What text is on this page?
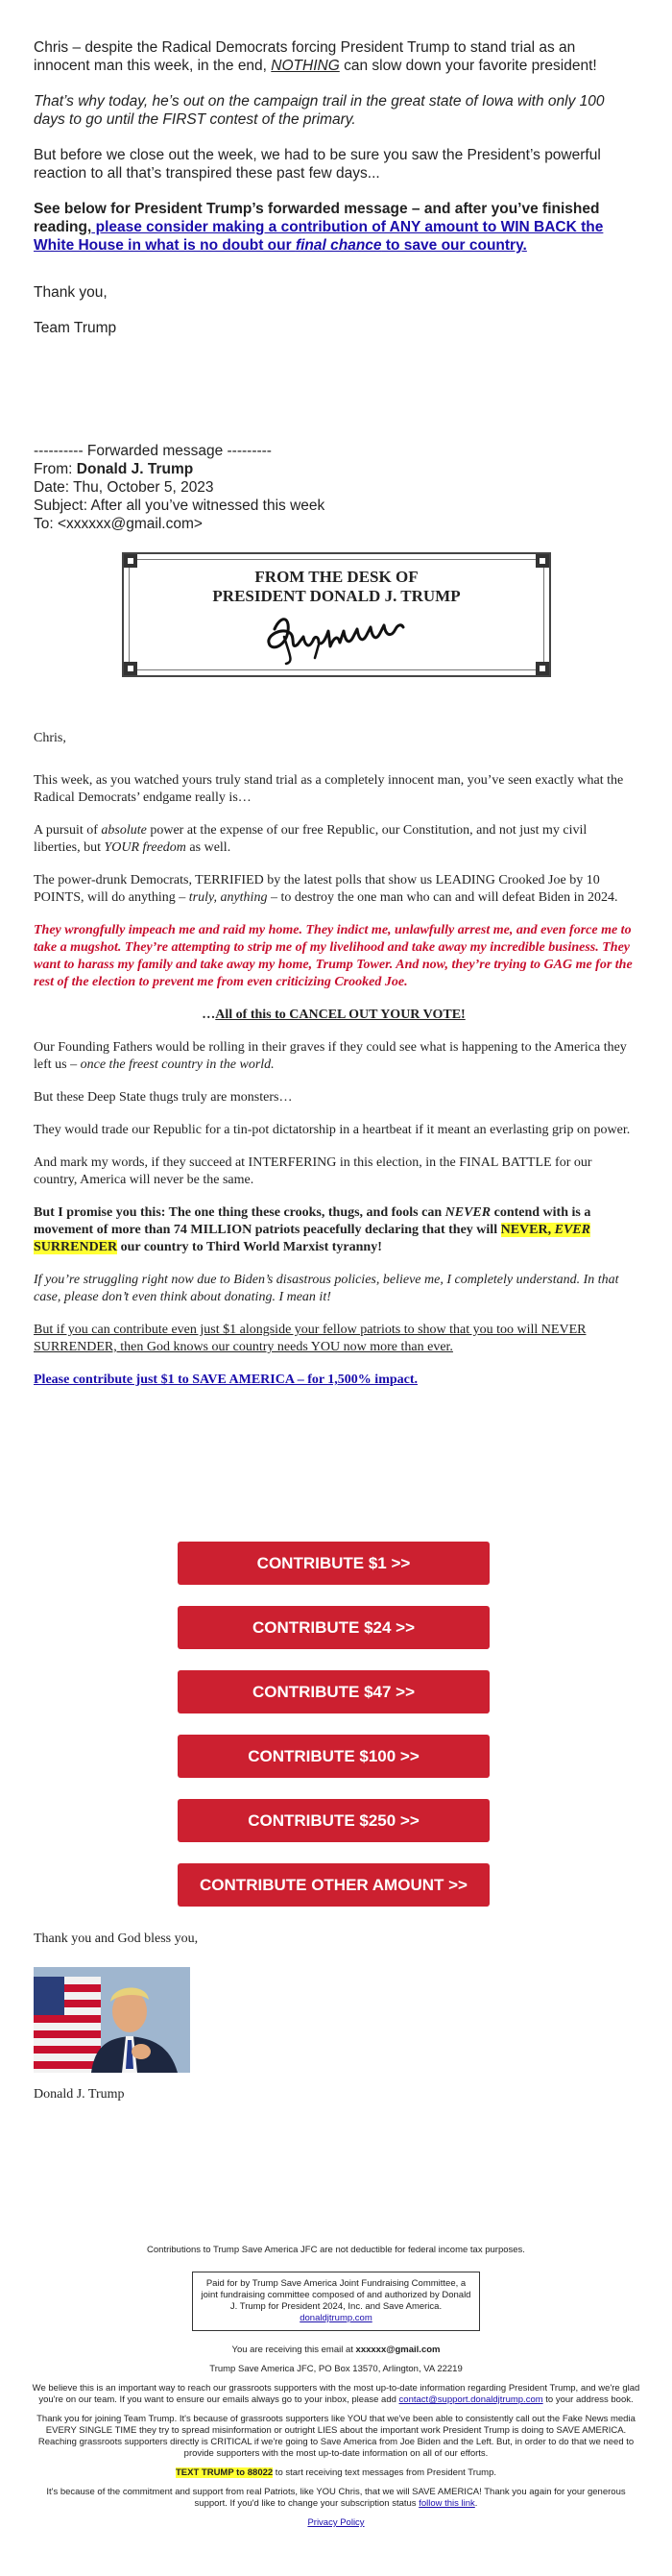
Chris – despite the Radical Democrats forcing President Trump to stand trial as an innocent man this week, in the end, NOTHING can slow down your favorite president!

That’s why today, he’s out on the campaign trail in the great state of Iowa with only 100 days to go until the FIRST contest of the primary.

But before we close out the week, we had to be sure you saw the President’s powerful reaction to all that’s transpired these past few days...

See below for President Trump’s forwarded message – and after you’ve finished reading, please consider making a contribution of ANY amount to WIN BACK the White House in what is no doubt our final chance to save our country.

Thank you,

Team Trump

---------- Forwarded message ---------
From: Donald J. Trump
Date: Thu, October 5, 2023
Subject: After all you’ve witnessed this week
To: <xxxxxx@gmail.com>
FROM THE DESK OF
PRESIDENT DONALD J. TRUMP

Chris,

This week, as you watched yours truly stand trial as a completely innocent man, you’ve seen exactly what the Radical Democrats’ endgame really is…

A pursuit of absolute power at the expense of our free Republic, our Constitution, and not just my civil liberties, but YOUR freedom as well.

The power-drunk Democrats, TERRIFIED by the latest polls that show us LEADING Crooked Joe by 10 POINTS, will do anything – truly, anything – to destroy the one man who can and will defeat Biden in 2024.

They wrongfully impeach me and raid my home. They indict me, unlawfully arrest me, and even force me to take a mugshot. They’re attempting to strip me of my livelihood and take away my incredible business. They want to harass my family and take away my home, Trump Tower. And now, they’re trying to GAG me for the rest of the election to prevent me from even criticizing Crooked Joe.

…All of this to CANCEL OUT YOUR VOTE!

Our Founding Fathers would be rolling in their graves if they could see what is happening to the America they left us – once the freest country in the world.

But these Deep State thugs truly are monsters…

They would trade our Republic for a tin-pot dictatorship in a heartbeat if it meant an everlasting grip on power.

And mark my words, if they succeed at INTERFERING in this election, in the FINAL BATTLE for our country, America will never be the same.

But I promise you this: The one thing these crooks, thugs, and fools can NEVER contend with is a movement of more than 74 MILLION patriots peacefully declaring that they will NEVER, EVER SURRENDER our country to Third World Marxist tyranny!

If you’re struggling right now due to Biden’s disastrous policies, believe me, I completely understand. In that case, please don’t even think about donating. I mean it!

But if you can contribute even just $1 alongside your fellow patriots to show that you too will NEVER SURRENDER, then God knows our country needs YOU now more than ever.

Please contribute just $1 to SAVE AMERICA – for 1,500% impact.

CONTRIBUTE $1 >>
CONTRIBUTE $24 >>
CONTRIBUTE $47 >>
CONTRIBUTE $100 >>
CONTRIBUTE $250 >>
CONTRIBUTE OTHER AMOUNT >>

Thank you and God bless you,

Donald J. Trump

Contributions to Trump Save America JFC are not deductible for federal income tax purposes.

Paid for by Trump Save America Joint Fundraising Committee, a joint fundraising committee composed of and authorized by Donald J. Trump for President 2024, Inc. and Save America.
donaldjtrump.com

You are receiving this email at xxxxxx@gmail.com

Trump Save America JFC, PO Box 13570, Arlington, VA 22219

We believe this is an important way to reach our grassroots supporters with the most up-to-date information regarding President Trump, and we're glad you're on our team. If you want to ensure our emails always go to your inbox, please add contact@support.donaldjtrump.com to your address book.

Thank you for joining Team Trump. It's because of grassroots supporters like YOU that we've been able to consistently call out the Fake News media EVERY SINGLE TIME they try to spread misinformation or outright LIES about the important work President Trump is doing to SAVE AMERICA. Reaching grassroots supporters directly is CRITICAL if we're going to Save America from Joe Biden and the Left. But, in order to do that we need to provide supporters with the most up-to-date information on all of our efforts.

TEXT TRUMP to 88022 to start receiving text messages from President Trump.

It's because of the commitment and support from real Patriots, like YOU Chris, that we will SAVE AMERICA! Thank you again for your generous support. If you'd like to change your subscription status follow this link.

Privacy Policy
